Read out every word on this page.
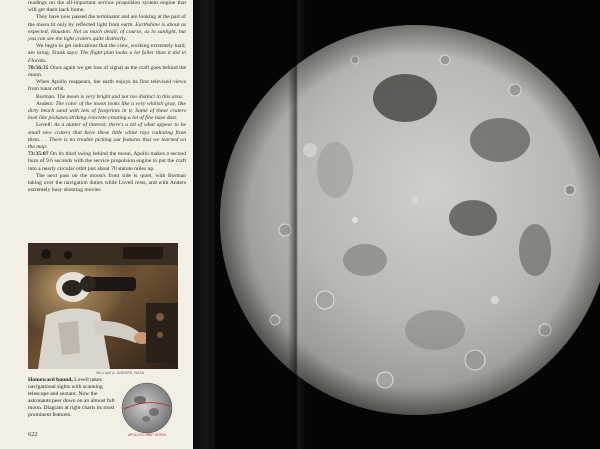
readings on the all-important service propulsion system engine that will get them back home.

They have now passed the terminator and are looking at the part of the moon lit only by reflected light from earth. Earthshine is about as expected, Houston. Not as much detail, of course, as in sunlight, but you can see the light craters quite distinctly.

We begin to get indications that the crew, working extremely hard, are tiring. Frank says: The flight plan looks a lot fuller than it did in Florida.

70:56:35 Once again we get loss of signal as the craft goes behind the moon.

When Apollo reappears, the earth enjoys its first televised views from lunar orbit.

Borman. The moon is very bright and not too distinct in this area.

Anders: The color of the moon looks like a very whitish gray, like dirty beach sand with lots of footprints in it. Some of these craters look like pickaxes striking concrete creating a lot of fine haze dust.

Lovell: As a matter of interest, there's a lot of what appear to be small new craters that have these little white rays radiating from them. . . There is no trouble picking out features that we learned on the map.

73:35:07 On its third swing behind the moon, Apollo makes a second burn of 9.6 seconds with the service propulsion engine to put the craft into a nearly circular orbit just about 70 statute miles up.

The next pass on the moon's front side is quiet, with Borman taking over the navigation duties while Lovell rests, and with Anders extremely busy shooting movies

WILLIAM A. ANDERS, NASA
Homeward bound, Lovell takes navigational sights with scanning telescope and sextant. Now the astronauts peer down on an almost full moon. Diagram at right charts its most prominent features.
APOLLO'S ORBIT IN RED
622
